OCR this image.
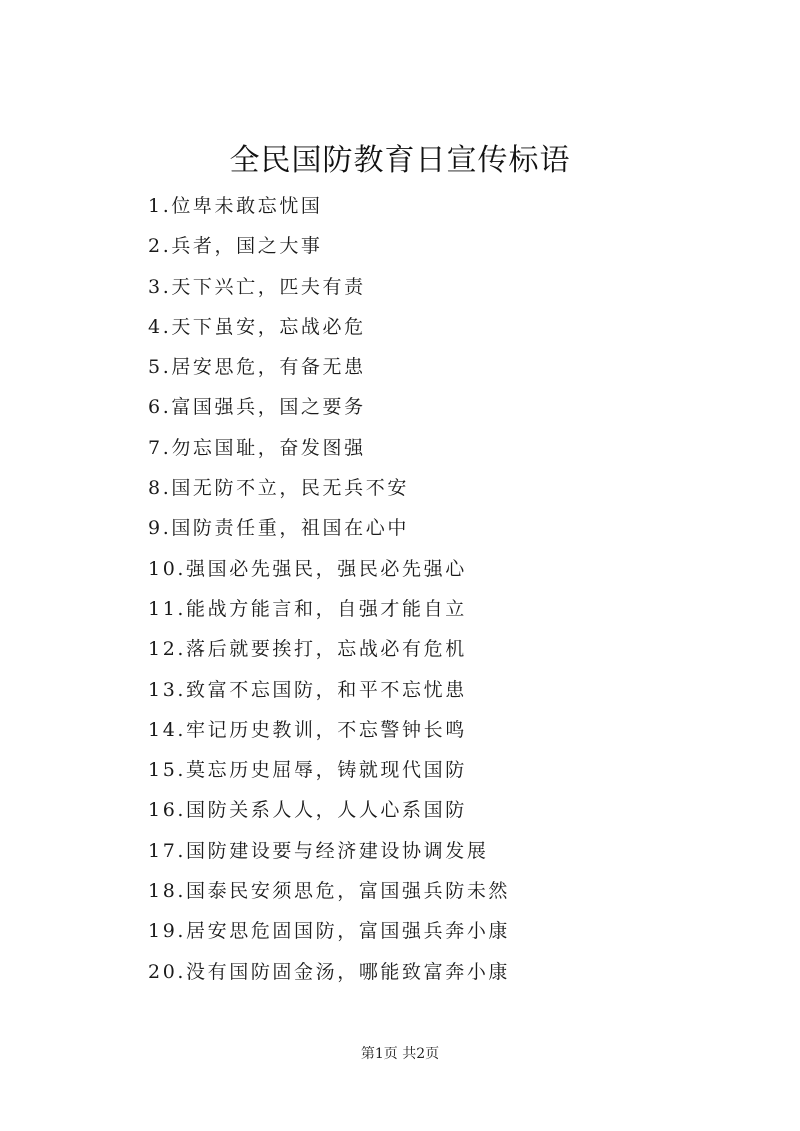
全民国防教育日宣传标语
1.位卑未敢忘忧国
2.兵者，国之大事
3.天下兴亡，匹夫有责
4.天下虽安，忘战必危
5.居安思危，有备无患
6.富国强兵，国之要务
7.勿忘国耻，奋发图强
8.国无防不立，民无兵不安
9.国防责任重，祖国在心中
10.强国必先强民，强民必先强心
11.能战方能言和，自强才能自立
12.落后就要挨打，忘战必有危机
13.致富不忘国防，和平不忘忧患
14.牢记历史教训，不忘警钟长鸣
15.莫忘历史屈辱，铸就现代国防
16.国防关系人人，人人心系国防
17.国防建设要与经济建设协调发展
18.国泰民安须思危，富国强兵防未然
19.居安思危固国防，富国强兵奔小康
20.没有国防固金汤，哪能致富奔小康
第1页 共2页
